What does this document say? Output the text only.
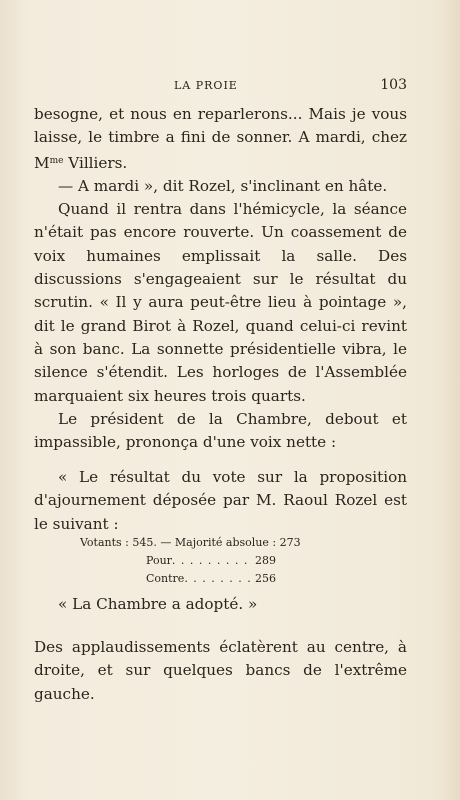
LA PROIE	103

besogne, et nous en reparlerons... Mais je vous laisse, le timbre a fini de sonner. A mardi, chez $M^{me}$ Villiers.

— A mardi », dit Rozel, s'inclinant en hâte.

Quand il rentra dans l'hémicycle, la séance n'était pas encore rouverte. Un coassement de voix humaines emplissait la salle. Des discussions s'engageaient sur le résultat du scrutin. « Il y aura peut-être lieu à pointage », dit le grand Birot à Rozel, quand celui-ci revint à son banc. La sonnette présidentielle vibra, le silence s'étendit. Les horloges de l'Assemblée marquaient six heures trois quarts.

Le président de la Chambre, debout et impassible, prononça d'une voix nette :

« Le résultat du vote sur la proposition d'ajournement déposée par M. Raoul Rozel est le suivant :
Votants : 545. — Majorité absolue : 273
Pour. . . . . . . . . 289
Contre. . . . . . . . 256
« La Chambre a adopté. »
Des applaudissements éclatèrent au centre, à droite, et sur quelques bancs de l'extrême gauche.
